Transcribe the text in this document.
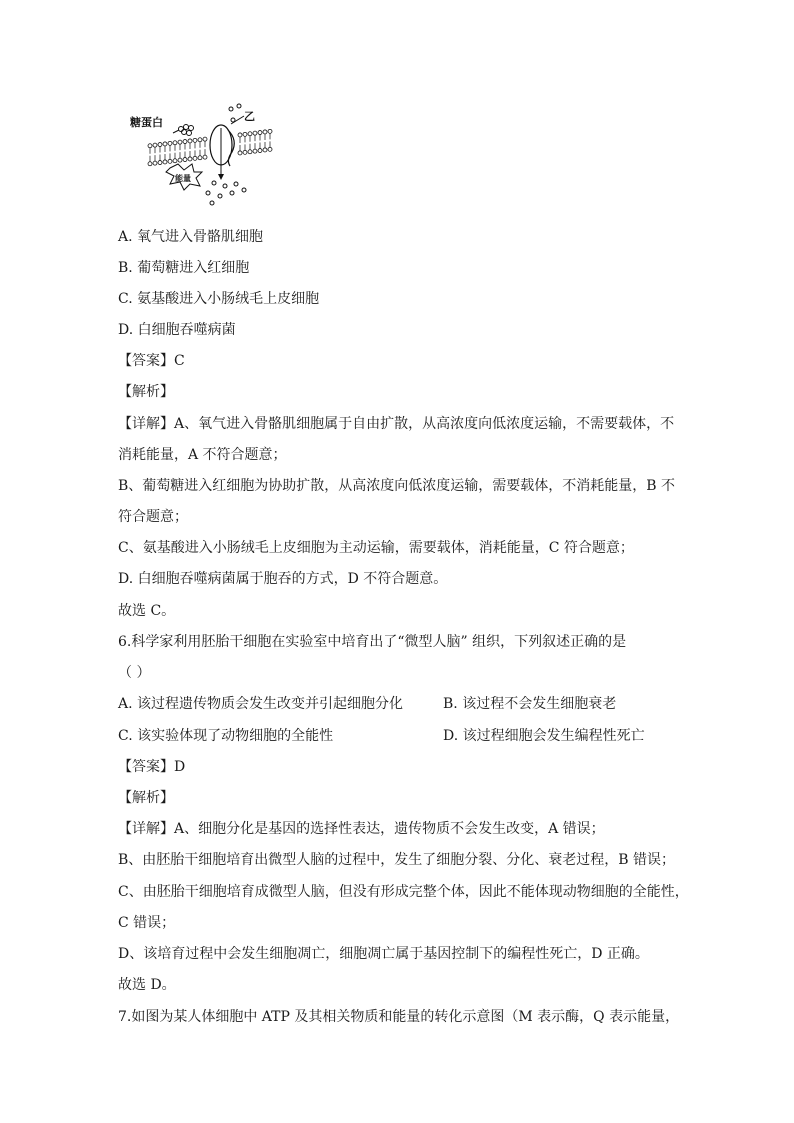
糖蛋白	乙
能量
A. 氧气进入骨骼肌细胞
B. 葡萄糖进入红细胞
C. 氨基酸进入小肠绒毛上皮细胞
D. 白细胞吞噬病菌
【答案】C
【解析】
【详解】A、氧气进入骨骼肌细胞属于自由扩散，从高浓度向低浓度运输，不需要载体，不
消耗能量，A 不符合题意；
B、葡萄糖进入红细胞为协助扩散，从高浓度向低浓度运输，需要载体，不消耗能量，B 不
符合题意；
C、氨基酸进入小肠绒毛上皮细胞为主动运输，需要载体，消耗能量，C 符合题意；
D. 白细胞吞噬病菌属于胞吞的方式，D 不符合题意。
故选 C。
6.科学家利用胚胎干细胞在实验室中培育出了“微型人脑” 组织，下列叙述正确的是
（ ）
A. 该过程遗传物质会发生改变并引起细胞分化	B. 该过程不会发生细胞衰老
C. 该实验体现了动物细胞的全能性	D. 该过程细胞会发生编程性死亡
【答案】D
【解析】
【详解】A、细胞分化是基因的选择性表达，遗传物质不会发生改变，A 错误；
B、由胚胎干细胞培育出微型人脑的过程中，发生了细胞分裂、分化、衰老过程，B 错误；
C、由胚胎干细胞培育成微型人脑，但没有形成完整个体，因此不能体现动物细胞的全能性，
C 错误；
D、该培育过程中会发生细胞凋亡，细胞凋亡属于基因控制下的编程性死亡，D 正确。
故选 D。
7.如图为某人体细胞中 ATP 及其相关物质和能量的转化示意图（M 表示酶，Q 表示能量，
